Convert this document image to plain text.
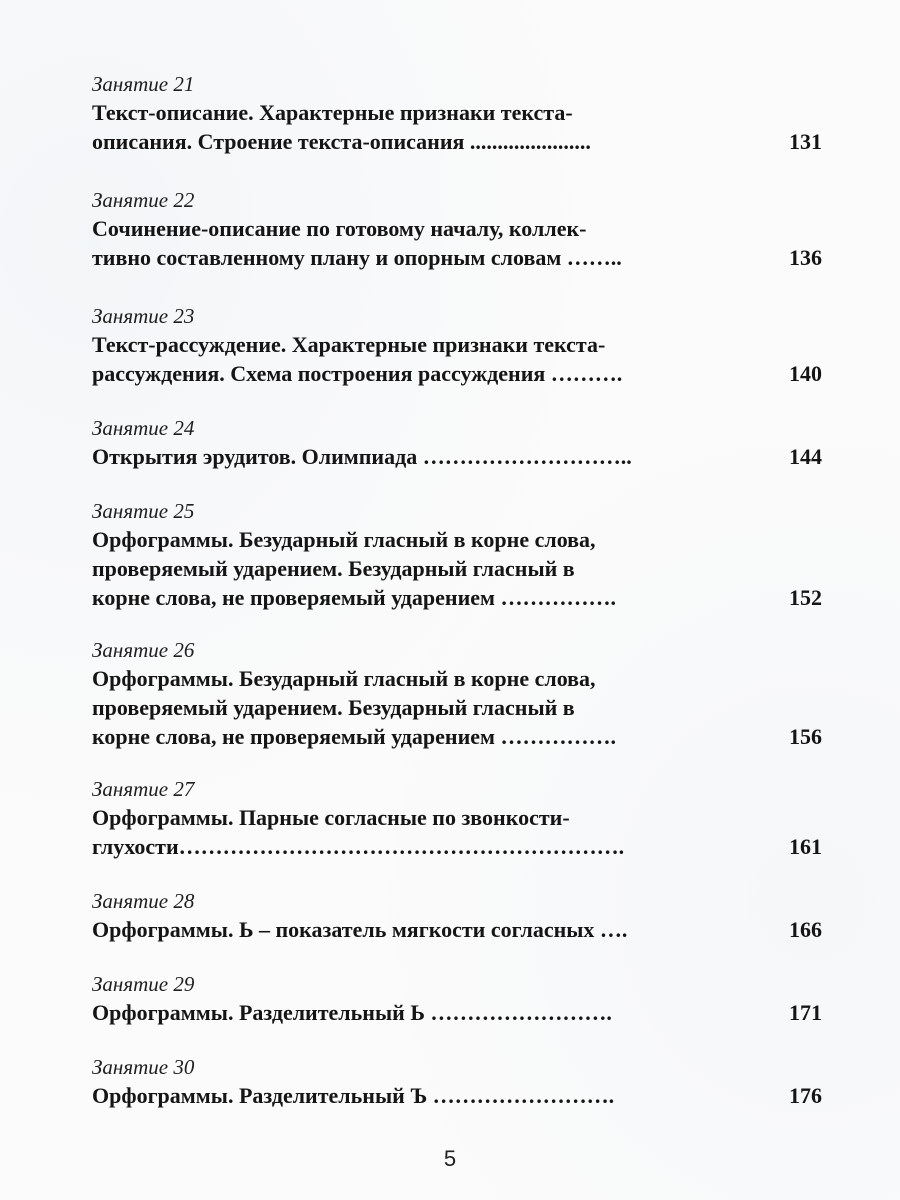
Занятие 21
Текст-описание. Характерные признаки текста-
описания. Строение текста-описания ......................	131
Занятие 22
Сочинение-описание по готовому началу, коллек-
тивно составленному плану и опорным словам ……..	136
Занятие 23
Текст-рассуждение. Характерные признаки текста-
рассуждения. Схема построения рассуждения ……….	140
Занятие 24
Открытия эрудитов. Олимпиада ………………………..	144
Занятие 25
Орфограммы. Безударный гласный в корне слова,
проверяемый ударением. Безударный гласный в
корне слова, не проверяемый ударением …………….	152
Занятие 26
Орфограммы. Безударный гласный в корне слова,
проверяемый ударением. Безударный гласный в
корне слова, не проверяемый ударением …………….	156
Занятие 27
Орфограммы. Парные согласные по звонкости-
глухости…………………………………………………….	161
Занятие 28
Орфограммы. Ь – показатель мягкости согласных ….	166
Занятие 29
Орфограммы. Разделительный Ь …………………….	171
Занятие 30
Орфограммы. Разделительный Ъ …………………….	176
5
